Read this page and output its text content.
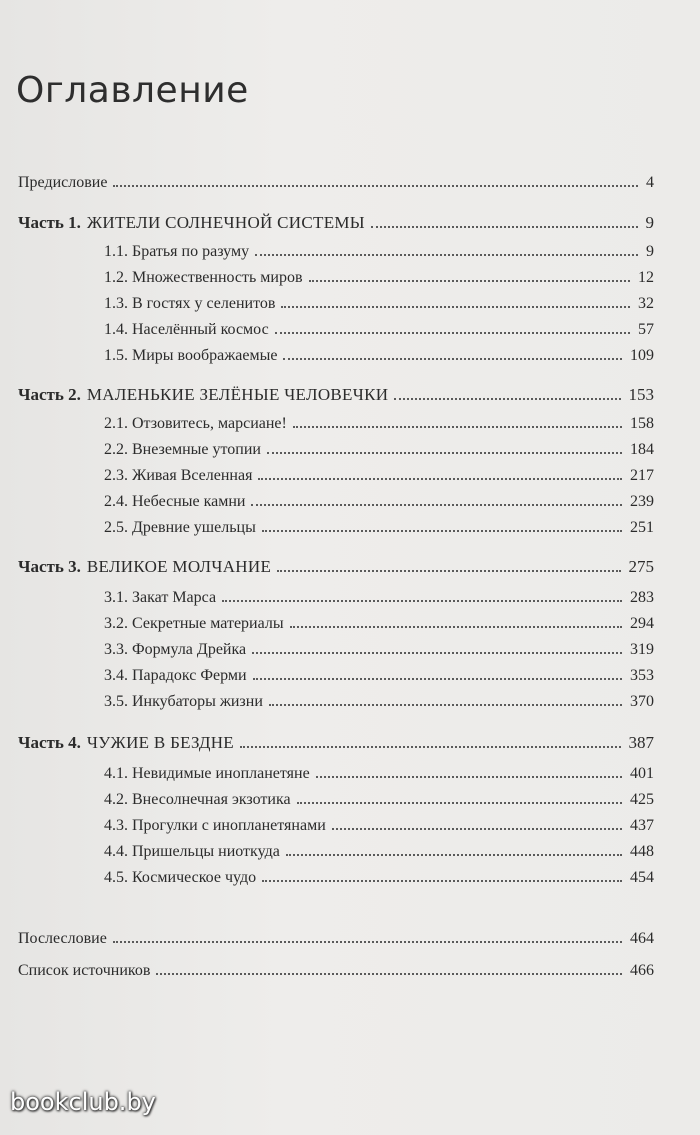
Оглавление
Предисловие	4
Часть 1. ЖИТЕЛИ СОЛНЕЧНОЙ СИСТЕМЫ	9
1.1. Братья по разуму	9
1.2. Множественность миров	12
1.3. В гостях у селенитов	32
1.4. Населённый космос	57
1.5. Миры воображаемые	109
Часть 2. МАЛЕНЬКИЕ ЗЕЛЁНЫЕ ЧЕЛОВЕЧКИ	153
2.1. Отзовитесь, марсиане!	158
2.2. Внеземные утопии	184
2.3. Живая Вселенная	217
2.4. Небесные камни	239
2.5. Древние ушельцы	251
Часть 3. ВЕЛИКОЕ МОЛЧАНИЕ	275
3.1. Закат Марса	283
3.2. Секретные материалы	294
3.3. Формула Дрейка	319
3.4. Парадокс Ферми	353
3.5. Инкубаторы жизни	370
Часть 4. ЧУЖИЕ В БЕЗДНЕ	387
4.1. Невидимые инопланетяне	401
4.2. Внесолнечная экзотика	425
4.3. Прогулки с инопланетянами	437
4.4. Пришельцы ниоткуда	448
4.5. Космическое чудо	454
Послесловие	464
Список источников	466
bookclub.by
